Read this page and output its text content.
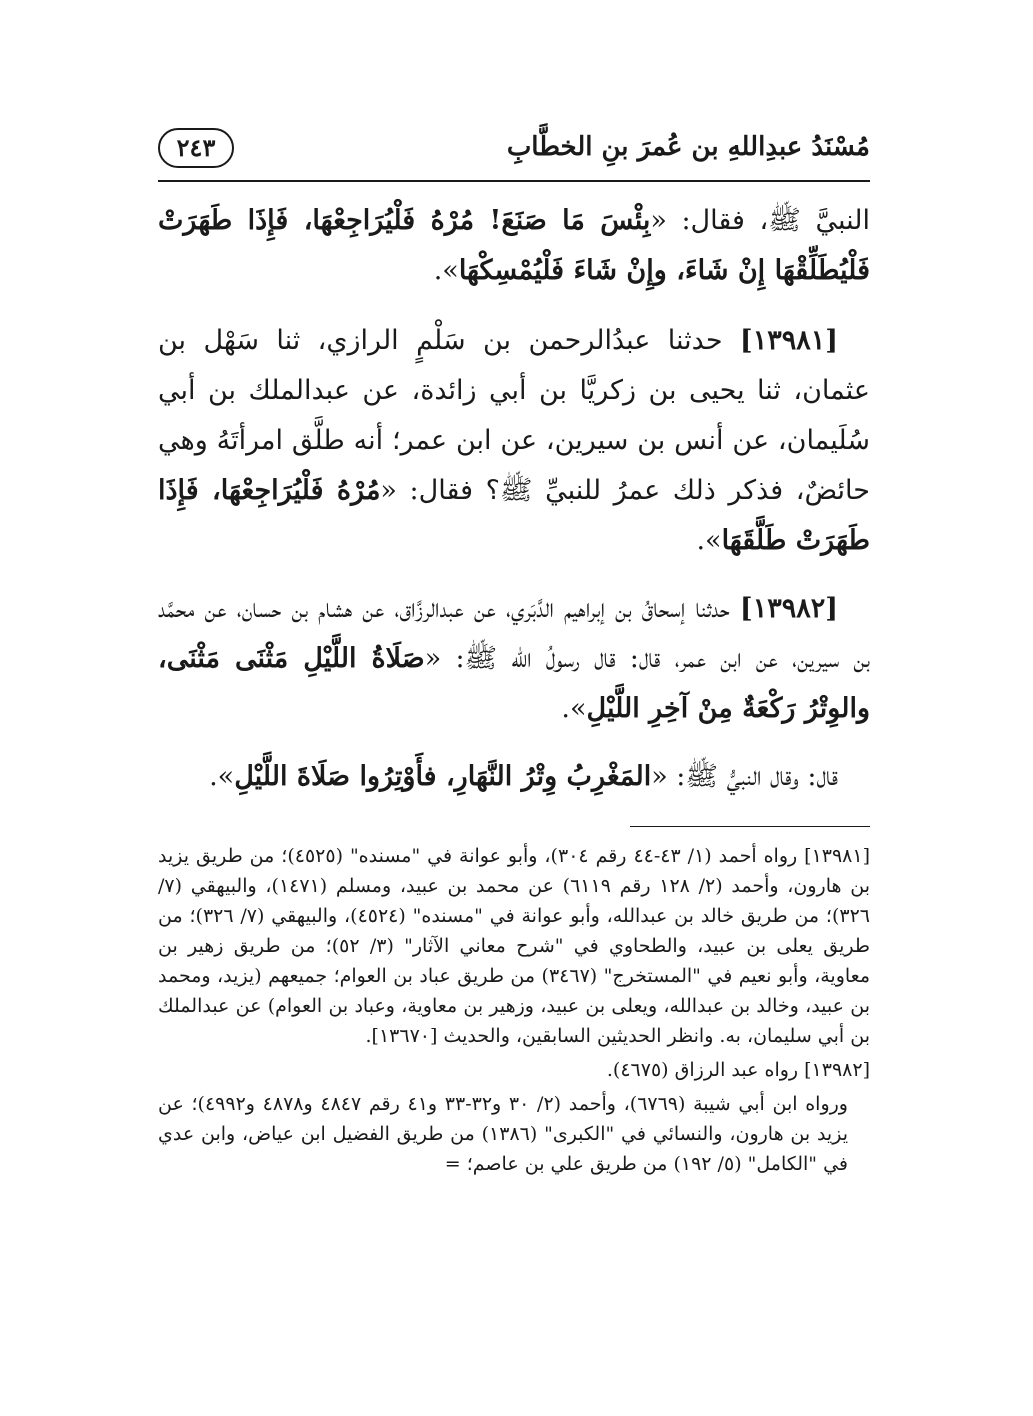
مُسْنَدُ عبدِاللهِ بن عُمرَ بنِ الخطَّابِ
٢٤٣

النبيَّ ﷺ، فقال: «بِئْسَ مَا صَنَعَ! مُرْهُ فَلْيُرَاجِعْهَا، فَإِذَا طَهَرَتْ فَلْيُطَلِّقْهَا إِنْ شَاءَ، وإِنْ شَاءَ فَلْيُمْسِكْهَا».

[١٣٩٨١] حدثنا عبدُالرحمن بن سَلْمٍ الرازي، ثنا سَهْل بن عثمان، ثنا يحيى بن زكريَّا بن أبي زائدة، عن عبدالملك بن أبي سُلَيمان، عن أنس بن سيرين، عن ابن عمر؛ أنه طلَّق امرأتَهُ وهي حائضٌ، فذكر ذلك عمرُ للنبيِّ ﷺ؟ فقال: «مُرْهُ فَلْيُرَاجِعْهَا، فَإِذَا طَهَرَتْ طَلَّقَهَا».

[١٣٩٨٢] حدثنا إسحاقُ بن إبراهيم الدَّبَري، عن عبدالرزَّاق، عن هشام بن حسان، عن محمَّد بن سيرين، عن ابن عمر، قال: قال رسولُ الله ﷺ: «صَلَاةُ اللَّيْلِ مَثْنَى مَثْنَى، والوِتْرُ رَكْعَةٌ مِنْ آخِرِ اللَّيْلِ».

قال: وقال النبيُّ ﷺ: «المَغْرِبُ وِتْرُ النَّهَارِ، فأَوْتِرُوا صَلَاةَ اللَّيْلِ».

[١٣٩٨١] رواه أحمد (١/ ٤٣-٤٤ رقم ٣٠٤)، وأبو عوانة في "مسنده" (٤٥٢٥)؛ من طريق يزيد بن هارون، وأحمد (٢/ ١٢٨ رقم ٦١١٩) عن محمد بن عبيد، ومسلم (١٤٧١)، والبيهقي (٧/ ٣٢٦)؛ من طريق خالد بن عبدالله، وأبو عوانة في "مسنده" (٤٥٢٤)، والبيهقي (٧/ ٣٢٦)؛ من طريق يعلى بن عبيد، والطحاوي في "شرح معاني الآثار" (٣/ ٥٢)؛ من طريق زهير بن معاوية، وأبو نعيم في "المستخرج" (٣٤٦٧) من طريق عباد بن العوام؛ جميعهم (يزيد، ومحمد بن عبيد، وخالد بن عبدالله، ويعلى بن عبيد، وزهير بن معاوية، وعباد بن العوام) عن عبدالملك بن أبي سليمان، به. وانظر الحديثين السابقين، والحديث [١٣٦٧٠].

[١٣٩٨٢] رواه عبد الرزاق (٤٦٧٥).

ورواه ابن أبي شيبة (٦٧٦٩)، وأحمد (٢/ ٣٠ و٣٢-٣٣ و٤١ رقم ٤٨٤٧ و٤٨٧٨ و٤٩٩٢)؛ عن يزيد بن هارون، والنسائي في "الكبرى" (١٣٨٦) من طريق الفضيل ابن عياض، وابن عدي في "الكامل" (٥/ ١٩٢) من طريق علي بن عاصم؛ =
